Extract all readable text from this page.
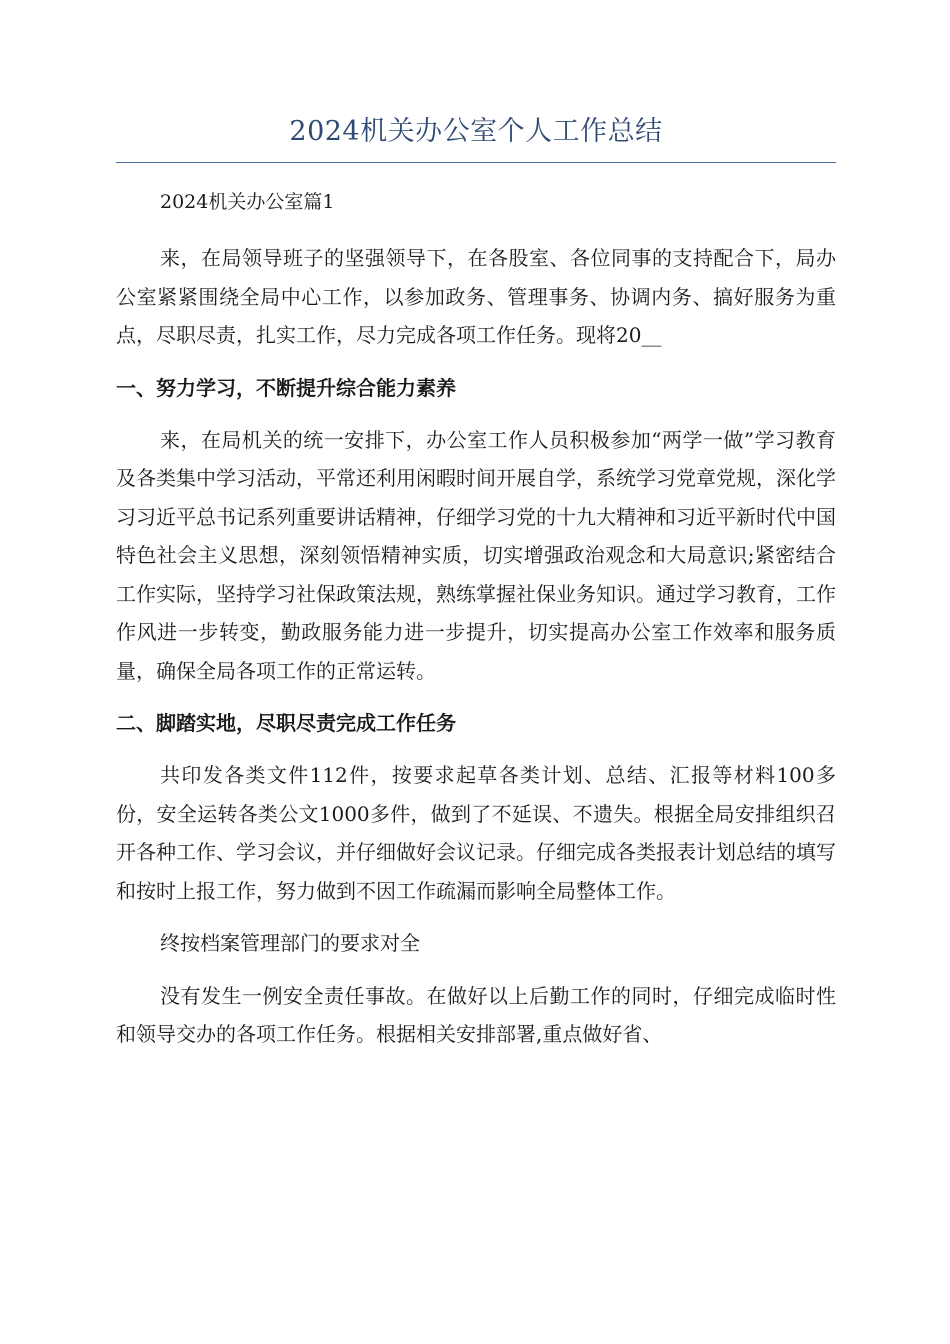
2024机关办公室个人工作总结
2024机关办公室篇1

来，在局领导班子的坚强领导下，在各股室、各位同事的支持配合下，局办公室紧紧围绕全局中心工作，以参加政务、管理事务、协调内务、搞好服务为重点，尽职尽责，扎实工作，尽力完成各项工作任务。现将20__

一、努力学习，不断提升综合能力素养

来，在局机关的统一安排下，办公室工作人员积极参加“两学一做”学习教育及各类集中学习活动，平常还利用闲暇时间开展自学，系统学习党章党规，深化学习习近平总书记系列重要讲话精神，仔细学习党的十九大精神和习近平新时代中国特色社会主义思想，深刻领悟精神实质，切实增强政治观念和大局意识;紧密结合工作实际，坚持学习社保政策法规，熟练掌握社保业务知识。通过学习教育，工作作风进一步转变，勤政服务能力进一步提升，切实提高办公室工作效率和服务质量，确保全局各项工作的正常运转。

二、脚踏实地，尽职尽责完成工作任务

共印发各类文件112件，按要求起草各类计划、总结、汇报等材料100多份，安全运转各类公文1000多件，做到了不延误、不遗失。根据全局安排组织召开各种工作、学习会议，并仔细做好会议记录。仔细完成各类报表计划总结的填写和按时上报工作，努力做到不因工作疏漏而影响全局整体工作。

终按档案管理部门的要求对全

没有发生一例安全责任事故。在做好以上后勤工作的同时，仔细完成临时性和领导交办的各项工作任务。根据相关安排部署,重点做好省、
